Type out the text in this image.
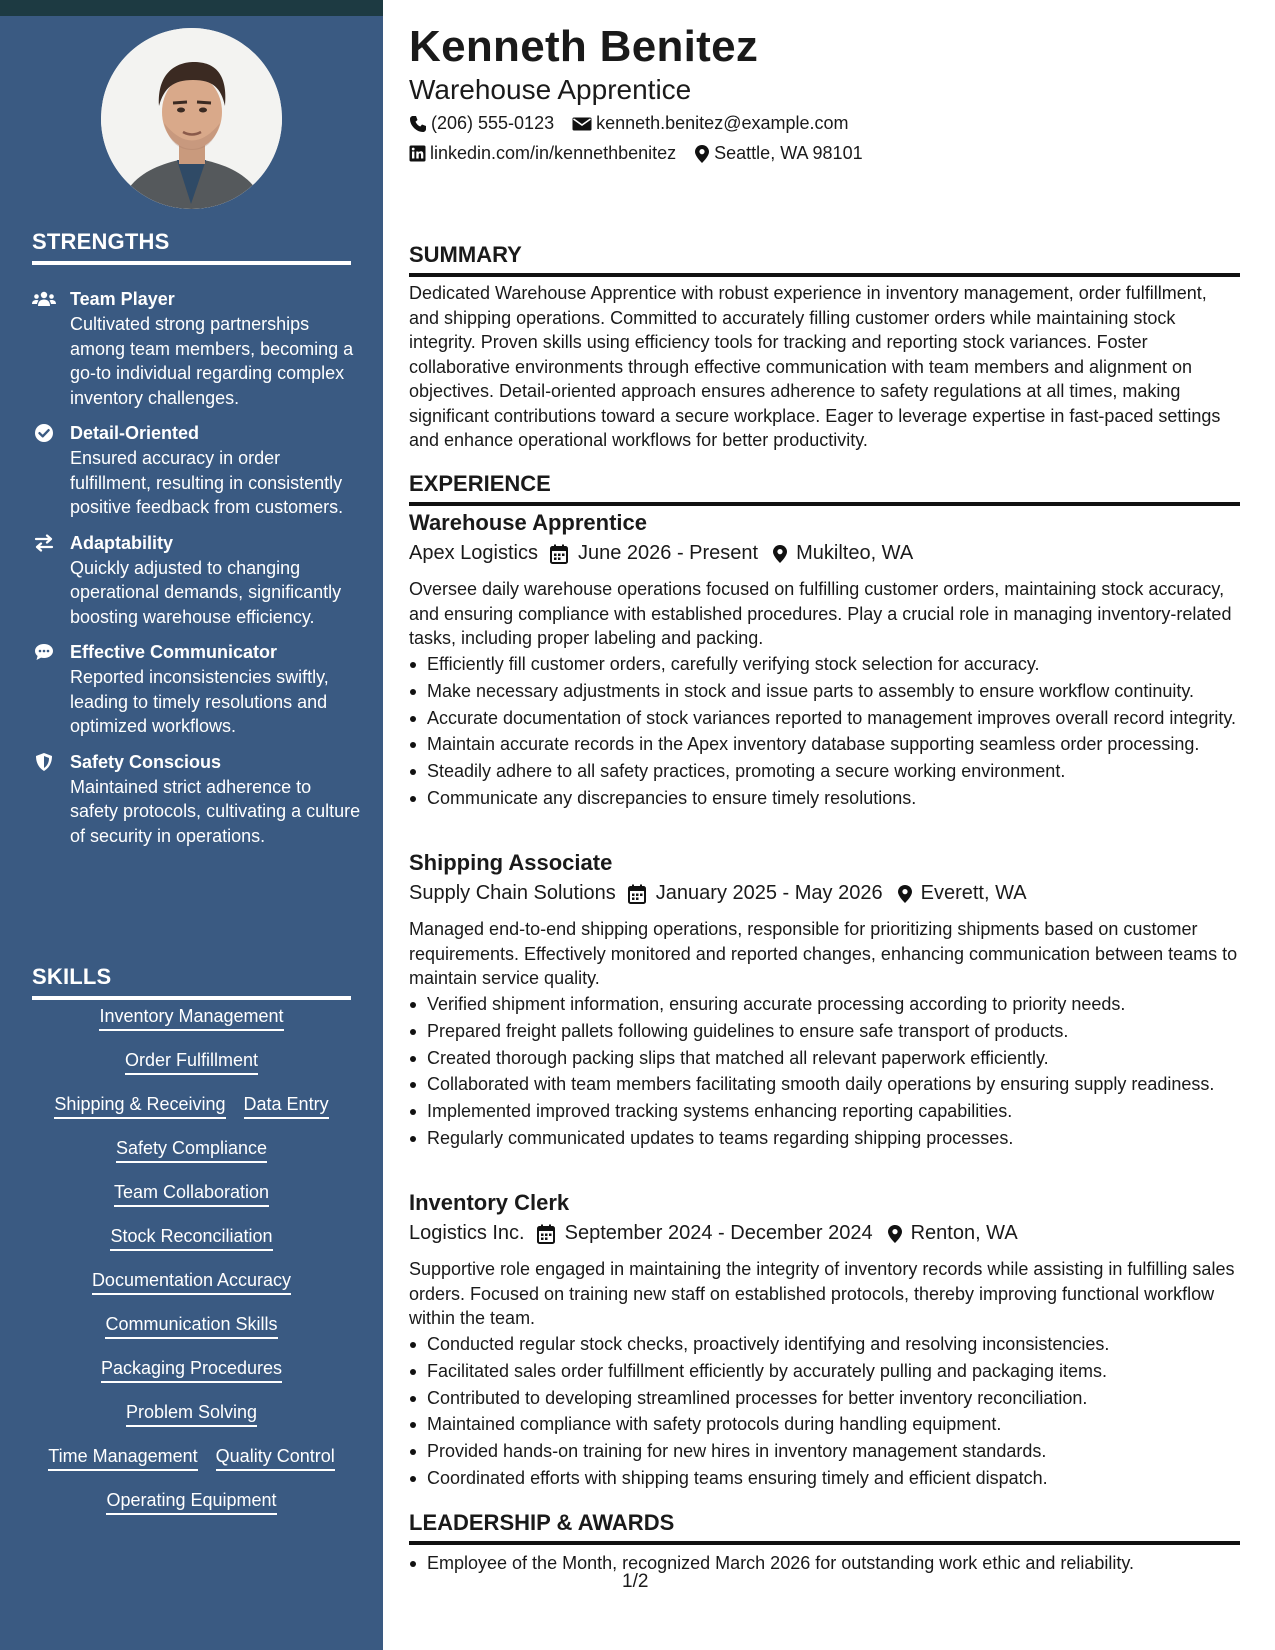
STRENGTHS
Team Player
Cultivated strong partnerships among team members, becoming a go-to individual regarding complex inventory challenges.
Detail-Oriented
Ensured accuracy in order fulfillment, resulting in consistently positive feedback from customers.
Adaptability
Quickly adjusted to changing operational demands, significantly boosting warehouse efficiency.
Effective Communicator
Reported inconsistencies swiftly, leading to timely resolutions and optimized workflows.
Safety Conscious
Maintained strict adherence to safety protocols, cultivating a culture of security in operations.
SKILLS
Inventory Management
Order Fulfillment
Shipping & Receiving Data Entry
Safety Compliance
Team Collaboration
Stock Reconciliation
Documentation Accuracy
Communication Skills
Packaging Procedures
Problem Solving
Time Management Quality Control
Operating Equipment
Kenneth Benitez
Warehouse Apprentice
(206) 555-0123 kenneth.benitez@example.com
linkedin.com/in/kennethbenitez Seattle, WA 98101
SUMMARY
Dedicated Warehouse Apprentice with robust experience in inventory management, order fulfillment, and shipping operations. Committed to accurately filling customer orders while maintaining stock integrity. Proven skills using efficiency tools for tracking and reporting stock variances. Foster collaborative environments through effective communication with team members and alignment on objectives. Detail-oriented approach ensures adherence to safety regulations at all times, making significant contributions toward a secure workplace. Eager to leverage expertise in fast-paced settings and enhance operational workflows for better productivity.
EXPERIENCE
Warehouse Apprentice
Apex Logistics June 2026 - Present Mukilteo, WA
Oversee daily warehouse operations focused on fulfilling customer orders, maintaining stock accuracy, and ensuring compliance with established procedures. Play a crucial role in managing inventory-related tasks, including proper labeling and packing.
Efficiently fill customer orders, carefully verifying stock selection for accuracy.
Make necessary adjustments in stock and issue parts to assembly to ensure workflow continuity.
Accurate documentation of stock variances reported to management improves overall record integrity.
Maintain accurate records in the Apex inventory database supporting seamless order processing.
Steadily adhere to all safety practices, promoting a secure working environment.
Communicate any discrepancies to ensure timely resolutions.
Shipping Associate
Supply Chain Solutions January 2025 - May 2026 Everett, WA
Managed end-to-end shipping operations, responsible for prioritizing shipments based on customer requirements. Effectively monitored and reported changes, enhancing communication between teams to maintain service quality.
Verified shipment information, ensuring accurate processing according to priority needs.
Prepared freight pallets following guidelines to ensure safe transport of products.
Created thorough packing slips that matched all relevant paperwork efficiently.
Collaborated with team members facilitating smooth daily operations by ensuring supply readiness.
Implemented improved tracking systems enhancing reporting capabilities.
Regularly communicated updates to teams regarding shipping processes.
Inventory Clerk
Logistics Inc. September 2024 - December 2024 Renton, WA
Supportive role engaged in maintaining the integrity of inventory records while assisting in fulfilling sales orders. Focused on training new staff on established protocols, thereby improving functional workflow within the team.
Conducted regular stock checks, proactively identifying and resolving inconsistencies.
Facilitated sales order fulfillment efficiently by accurately pulling and packaging items.
Contributed to developing streamlined processes for better inventory reconciliation.
Maintained compliance with safety protocols during handling equipment.
Provided hands-on training for new hires in inventory management standards.
Coordinated efforts with shipping teams ensuring timely and efficient dispatch.
LEADERSHIP & AWARDS
Employee of the Month, recognized March 2026 for outstanding work ethic and reliability.
1/2
